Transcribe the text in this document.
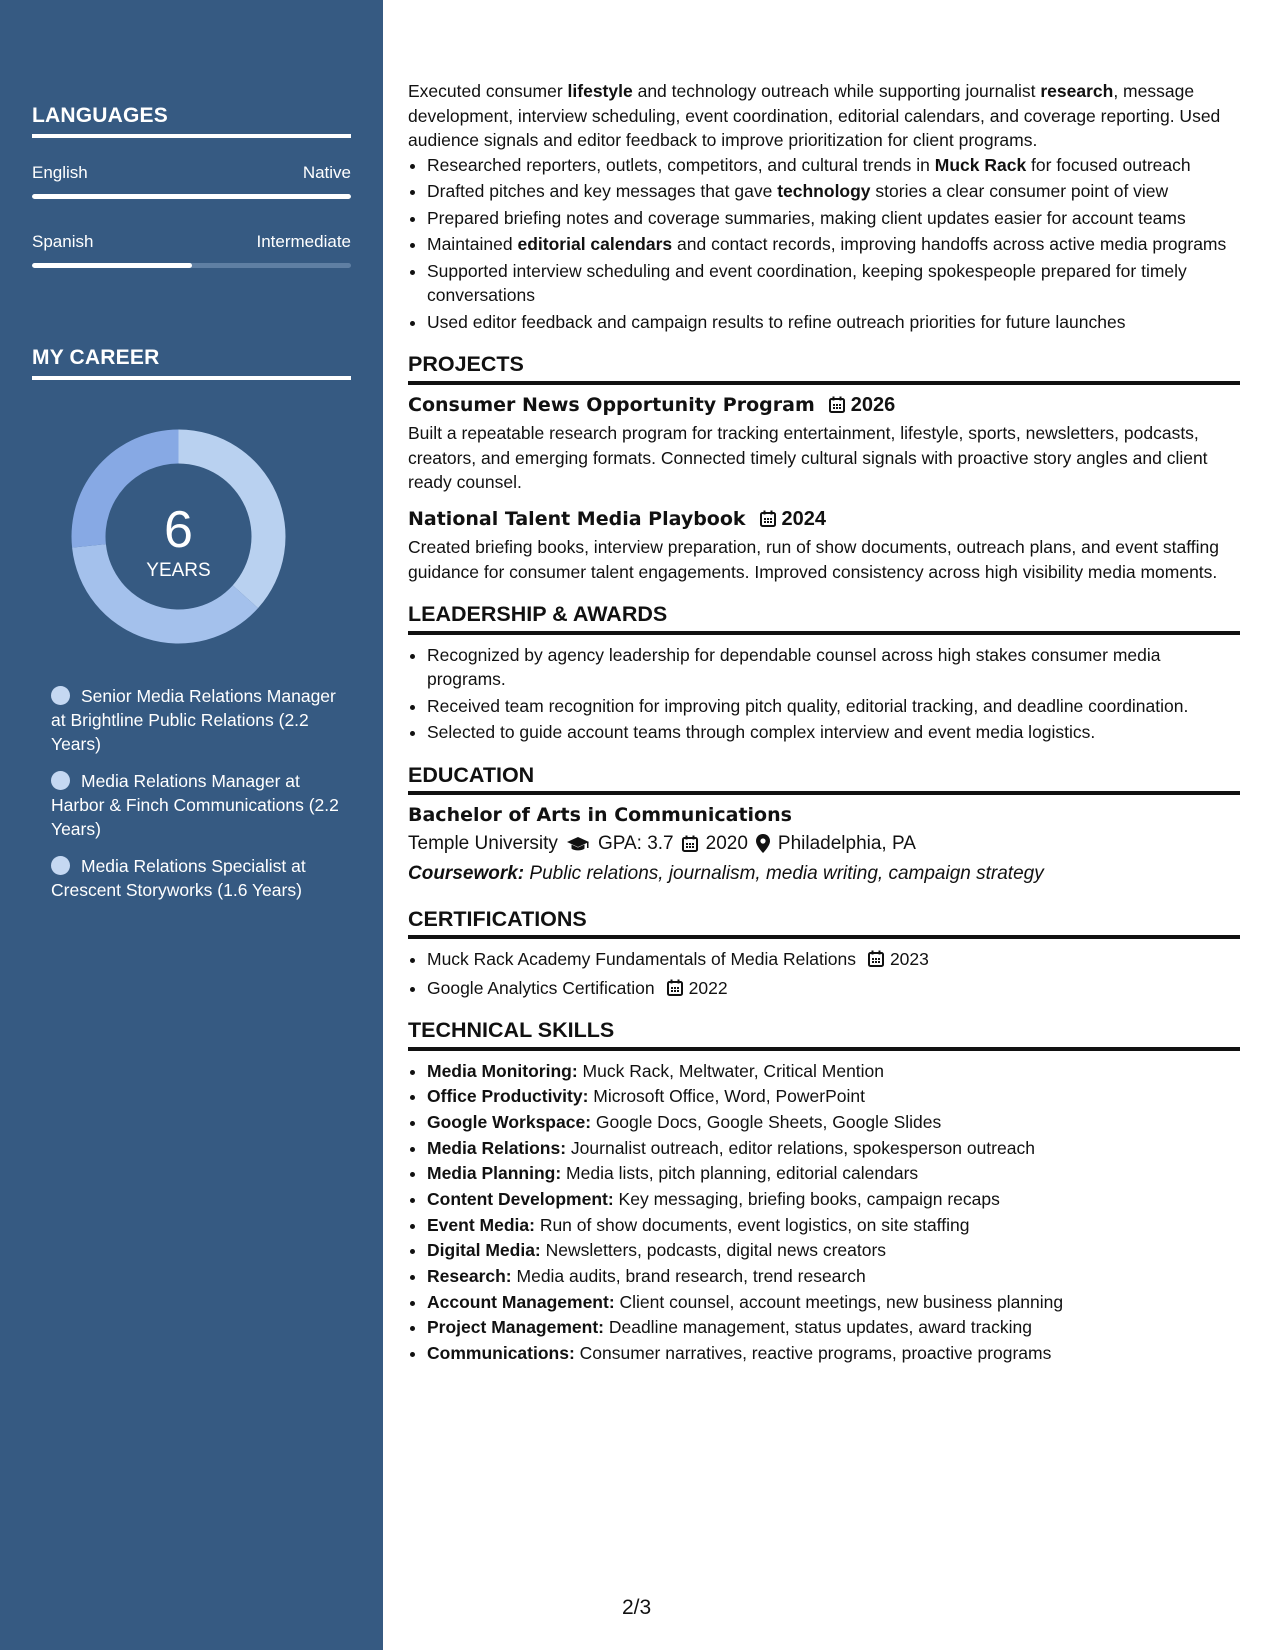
LANGUAGES
English	Native
Spanish	Intermediate
MY CAREER
6
YEARS
Senior Media Relations Manager at Brightline Public Relations (2.2 Years)
Media Relations Manager at Harbor & Finch Communications (2.2 Years)
Media Relations Specialist at Crescent Storyworks (1.6 Years)

Executed consumer lifestyle and technology outreach while supporting journalist research, message development, interview scheduling, event coordination, editorial calendars, and coverage reporting. Used audience signals and editor feedback to improve prioritization for client programs.

• Researched reporters, outlets, competitors, and cultural trends in Muck Rack for focused outreach
• Drafted pitches and key messages that gave technology stories a clear consumer point of view
• Prepared briefing notes and coverage summaries, making client updates easier for account teams
• Maintained editorial calendars and contact records, improving handoffs across active media programs
• Supported interview scheduling and event coordination, keeping spokespeople prepared for timely conversations
• Used editor feedback and campaign results to refine outreach priorities for future launches
PROJECTS
Consumer News Opportunity Program 2026

Built a repeatable research program for tracking entertainment, lifestyle, sports, newsletters, podcasts, creators, and emerging formats. Connected timely cultural signals with proactive story angles and client ready counsel.

National Talent Media Playbook 2024

Created briefing books, interview preparation, run of show documents, outreach plans, and event staffing guidance for consumer talent engagements. Improved consistency across high visibility media moments.

LEADERSHIP & AWARDS
• Recognized by agency leadership for dependable counsel across high stakes consumer media programs.
• Received team recognition for improving pitch quality, editorial tracking, and deadline coordination.
• Selected to guide account teams through complex interview and event media logistics.
EDUCATION
Bachelor of Arts in Communications
Temple University GPA: 3.7 2020 Philadelphia, PA
Coursework: Public relations, journalism, media writing, campaign strategy
CERTIFICATIONS
• Muck Rack Academy Fundamentals of Media Relations 2023
• Google Analytics Certification 2022
TECHNICAL SKILLS
• Media Monitoring: Muck Rack, Meltwater, Critical Mention
• Office Productivity: Microsoft Office, Word, PowerPoint
• Google Workspace: Google Docs, Google Sheets, Google Slides
• Media Relations: Journalist outreach, editor relations, spokesperson outreach
• Media Planning: Media lists, pitch planning, editorial calendars
• Content Development: Key messaging, briefing books, campaign recaps
• Event Media: Run of show documents, event logistics, on site staffing
• Digital Media: Newsletters, podcasts, digital news creators
• Research: Media audits, brand research, trend research
• Account Management: Client counsel, account meetings, new business planning
• Project Management: Deadline management, status updates, award tracking
• Communications: Consumer narratives, reactive programs, proactive programs
2/3
